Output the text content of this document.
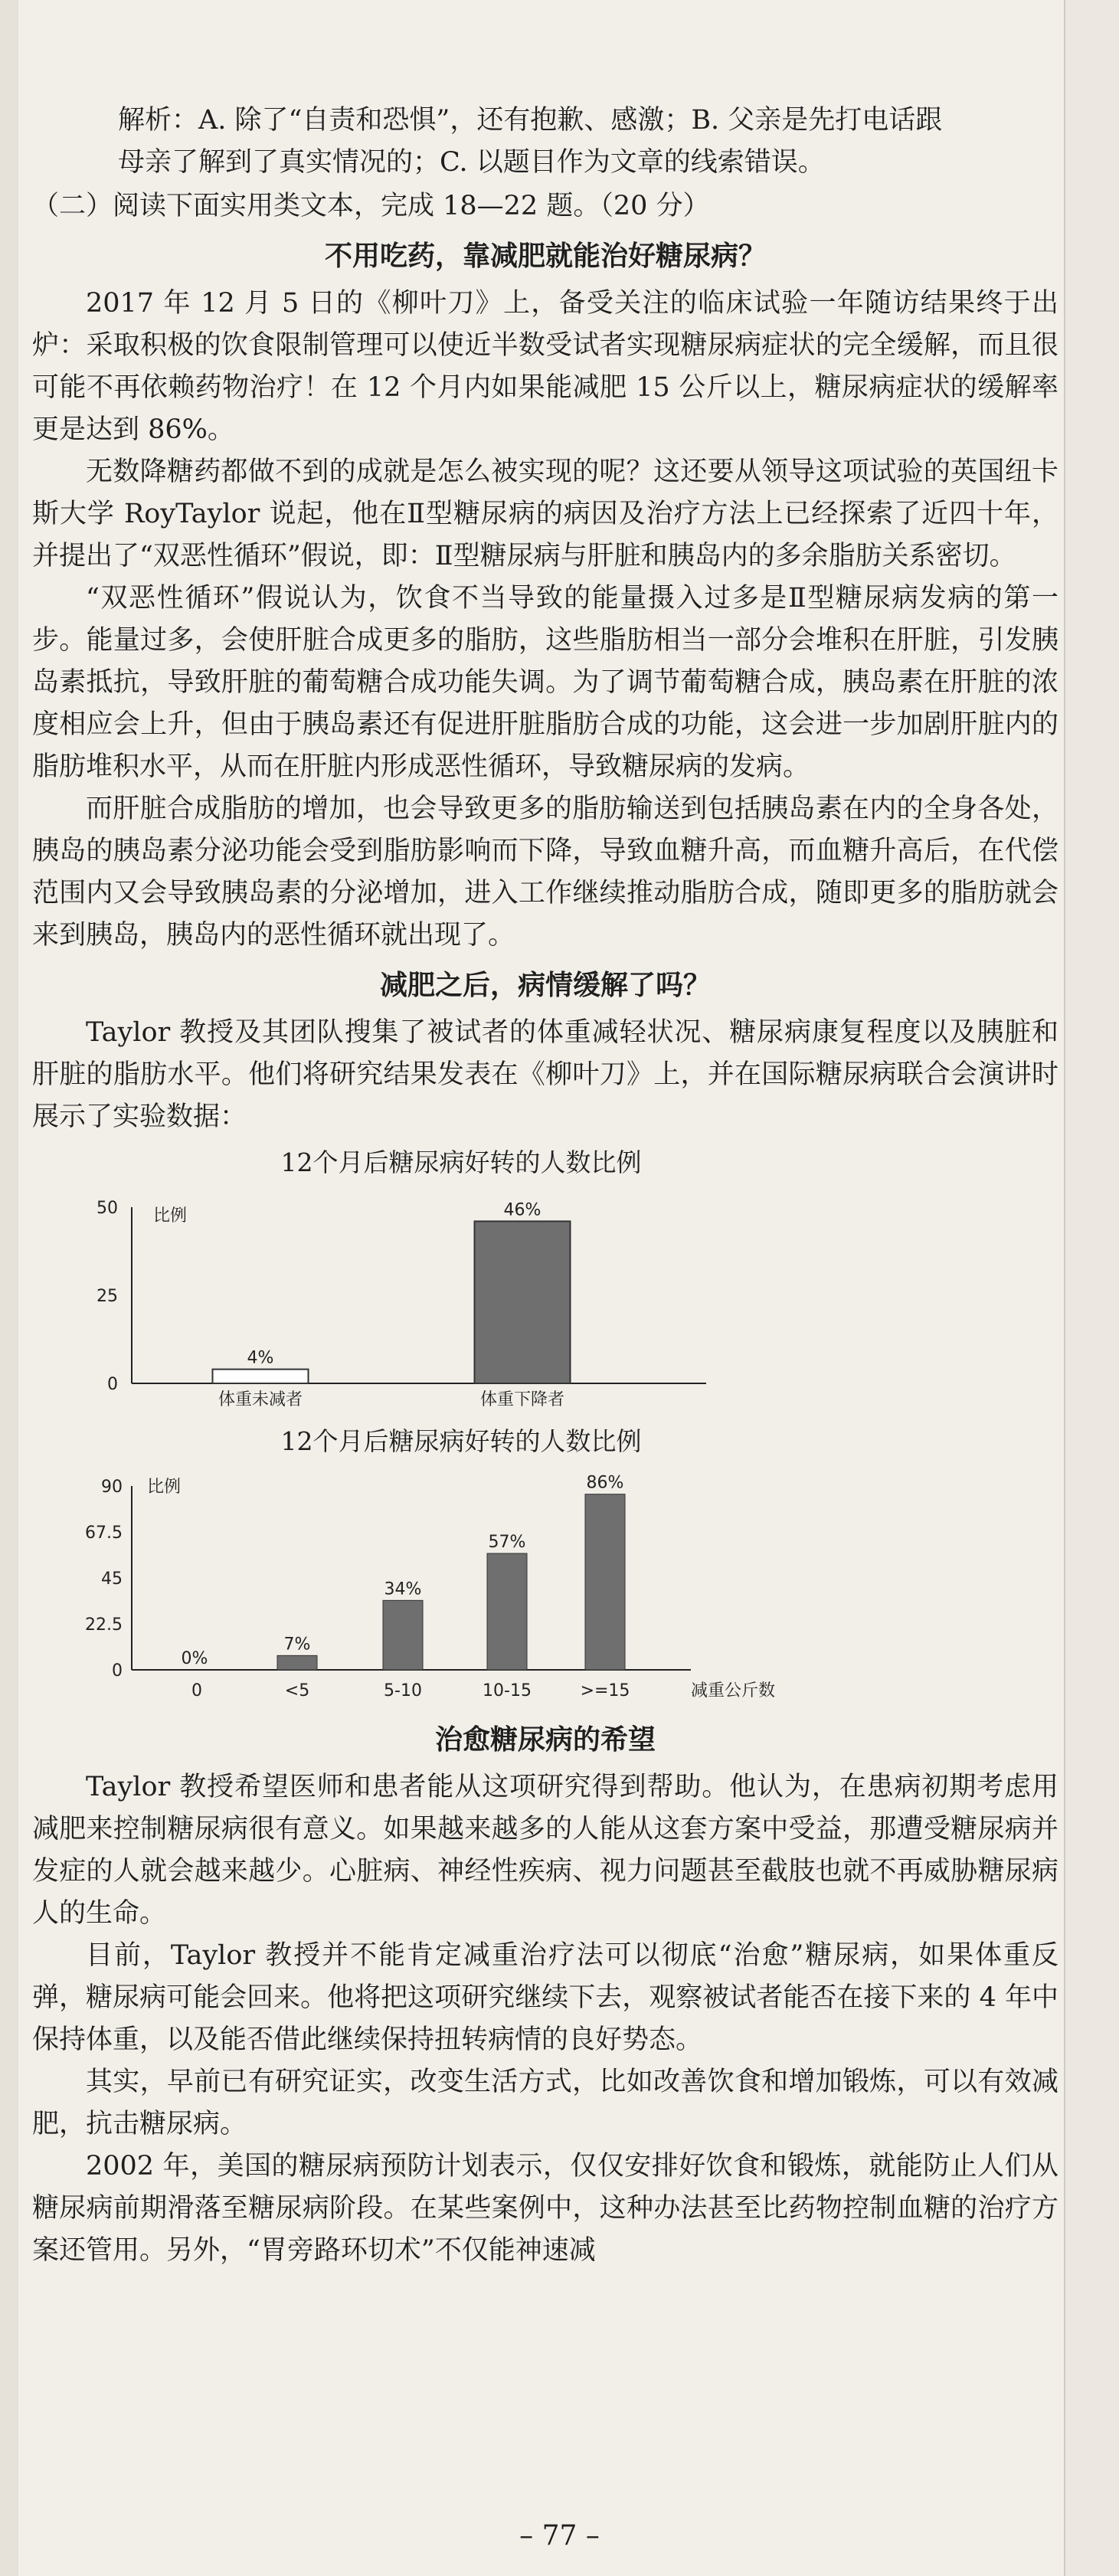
解析：A. 除了“自责和恐惧”，还有抱歉、感激；B. 父亲是先打电话跟

母亲了解到了真实情况的；C. 以题目作为文章的线索错误。

（二）阅读下面实用类文本，完成 18—22 题。（20 分）

不用吃药，靠减肥就能治好糖尿病？

2017 年 12 月 5 日的《柳叶刀》上，备受关注的临床试验一年随访结果终于出炉：采取积极的饮食限制管理可以使近半数受试者实现糖尿病症状的完全缓解，而且很可能不再依赖药物治疗！在 12 个月内如果能减肥 15 公斤以上，糖尿病症状的缓解率更是达到 86%。

无数降糖药都做不到的成就是怎么被实现的呢？这还要从领导这项试验的英国纽卡斯大学 RoyTaylor 说起，他在Ⅱ型糖尿病的病因及治疗方法上已经探索了近四十年，并提出了“双恶性循环”假说，即：Ⅱ型糖尿病与肝脏和胰岛内的多余脂肪关系密切。

“双恶性循环”假说认为，饮食不当导致的能量摄入过多是Ⅱ型糖尿病发病的第一步。能量过多，会使肝脏合成更多的脂肪，这些脂肪相当一部分会堆积在肝脏，引发胰岛素抵抗，导致肝脏的葡萄糖合成功能失调。为了调节葡萄糖合成，胰岛素在肝脏的浓度相应会上升，但由于胰岛素还有促进肝脏脂肪合成的功能，这会进一步加剧肝脏内的脂肪堆积水平，从而在肝脏内形成恶性循环，导致糖尿病的发病。

而肝脏合成脂肪的增加，也会导致更多的脂肪输送到包括胰岛素在内的全身各处，胰岛的胰岛素分泌功能会受到脂肪影响而下降，导致血糖升高，而血糖升高后，在代偿范围内又会导致胰岛素的分泌增加，进入工作继续推动脂肪合成，随即更多的脂肪就会来到胰岛，胰岛内的恶性循环就出现了。

减肥之后，病情缓解了吗？

Taylor 教授及其团队搜集了被试者的体重减轻状况、糖尿病康复程度以及胰脏和肝脏的脂肪水平。他们将研究结果发表在《柳叶刀》上，并在国际糖尿病联合会演讲时展示了实验数据：

12个月后糖尿病好转的人数比例
0
25
50 比例
4%
体重未减者
46%
体重下降者
12个月后糖尿病好转的人数比例
0
22.5
45
67.5
90 比例
0%
0
7%
<5
34%
5-10
57%
10-15
86%
>=15	减重公斤数
治愈糖尿病的希望

Taylor 教授希望医师和患者能从这项研究得到帮助。他认为，在患病初期考虑用减肥来控制糖尿病很有意义。如果越来越多的人能从这套方案中受益，那遭受糖尿病并发症的人就会越来越少。心脏病、神经性疾病、视力问题甚至截肢也就不再威胁糖尿病人的生命。

目前，Taylor 教授并不能肯定减重治疗法可以彻底“治愈”糖尿病，如果体重反弹，糖尿病可能会回来。他将把这项研究继续下去，观察被试者能否在接下来的 4 年中保持体重，以及能否借此继续保持扭转病情的良好势态。

其实，早前已有研究证实，改变生活方式，比如改善饮食和增加锻炼，可以有效减肥，抗击糖尿病。

2002 年，美国的糖尿病预防计划表示，仅仅安排好饮食和锻炼，就能防止人们从糖尿病前期滑落至糖尿病阶段。在某些案例中，这种办法甚至比药物控制血糖的治疗方案还管用。另外，“胃旁路环切术”不仅能神速减

– 77 –
